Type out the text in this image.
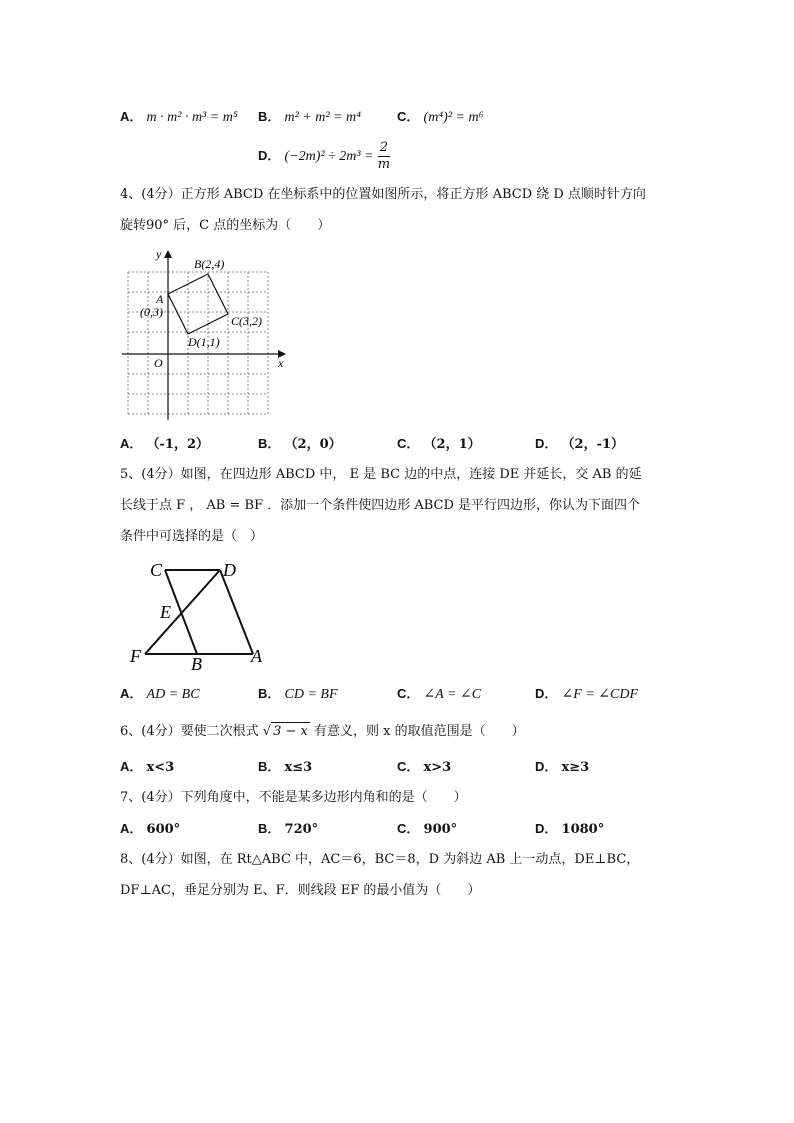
A． m · m² · m³ = m⁵ B． m² + m² = m⁴	C． (m⁴)² = m⁶
D． $(-2m)^2 \div 2m^3 = \frac{2}{m}$
4、(4分）正方形 ABCD 在坐标系中的位置如图所示，将正方形 ABCD 绕 D 点顺时针方向
旋转90° 后，C 点的坐标为（　　）
y
x
O
B(2,4)
A
(0,3)
C(3,2)
D(1,1)
A． （-1，2）	B． （2，0）	C． （2，1）	D． （2，-1）
5、(4分）如图，在四边形 ABCD 中， E 是 BC 边的中点，连接 DE 并延长，交 AB 的延
长线于点 F ， AB = BF ．添加一个条件使四边形 ABCD 是平行四边形，你认为下面四个
条件中可选择的是（　）
C	D
E
F	B	A
A． AD = BC	B． CD = BF	C． ∠A = ∠C	D． ∠F = ∠CDF
6、(4分）要使二次根式 √ 3 − x 有意义，则 x 的取值范围是（　　）
A． x<3	B． x≤3	C． x>3	D． x≥3
7、(4分）下列角度中，不能是某多边形内角和的是（　　）
A． 600°	B． 720°	C． 900°	D． 1080°
8、(4分）如图，在 Rt△ABC 中，AC＝6，BC＝8，D 为斜边 AB 上一动点，DE⊥BC，
DF⊥AC，垂足分别为 E、F．则线段 EF 的最小值为（　　）
